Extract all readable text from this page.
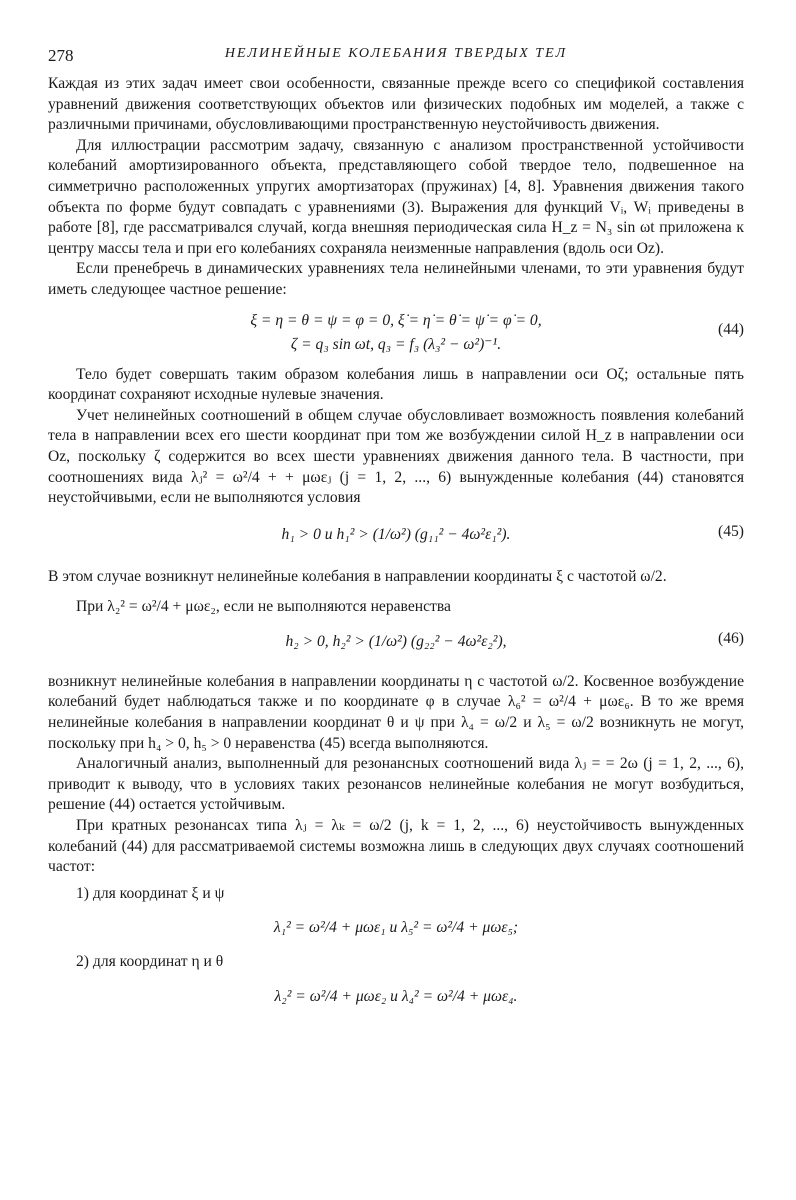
278	НЕЛИНЕЙНЫЕ КОЛЕБАНИЯ ТВЕРДЫХ ТЕЛ

Каждая из этих задач имеет свои особенности, связанные прежде всего со спецификой составления уравнений движения соответствующих объектов или физических подобных им моделей, а также с различными причинами, обусловливающими пространственную неустойчивость движения.

Для иллюстрации рассмотрим задачу, связанную с анализом пространственной устойчивости колебаний амортизированного объекта, представляющего собой твердое тело, подвешенное на симметрично расположенных упругих амортизаторах (пружинах) [4, 8]. Уравнения движения такого объекта по форме будут совпадать с уравнениями (3). Выражения для функций Vᵢ, Wᵢ приведены в работе [8], где рассматривался случай, когда внешняя периодическая сила H_z = N₃ sin ωt приложена к центру массы тела и при его колебаниях сохраняла неизменные направления (вдоль оси Oz).

Если пренебречь в динамических уравнениях тела нелинейными членами, то эти уравнения будут иметь следующее частное решение:

ξ = η = θ = ψ = φ = 0, ξ̇ = η̇ = θ̇ = ψ̇ = φ̇ = 0,
ζ = q₃ sin ωt, q₃ = f₃ (λ₃² − ω²)⁻¹.
(44)

Тело будет совершать таким образом колебания лишь в направлении оси Oζ; остальные пять координат сохраняют исходные нулевые значения.

Учет нелинейных соотношений в общем случае обусловливает возможность появления колебаний тела в направлении всех его шести координат при том же возбуждении силой H_z в направлении оси Oz, поскольку ζ содержится во всех шести уравнениях движения данного тела. В частности, при соотношениях вида λⱼ² = ω²/4 + + μωεⱼ (j = 1, 2, ..., 6) вынужденные колебания (44) становятся неустойчивыми, если не выполняются условия

h₁ > 0 и h₁² > (1/ω²) (g₁₁² − 4ω²ε₁²).	(45)

В этом случае возникнут нелинейные колебания в направлении координаты ξ с частотой ω/2.

При λ₂² = ω²/4 + μωε₂, если не выполняются неравенства

h₂ > 0, h₂² > (1/ω²) (g₂₂² − 4ω²ε₂²),	(46)

возникнут нелинейные колебания в направлении координаты η с частотой ω/2. Косвенное возбуждение колебаний будет наблюдаться также и по координате φ в случае λ₆² = ω²/4 + μωε₆. В то же время нелинейные колебания в направлении координат θ и ψ при λ₄ = ω/2 и λ₅ = ω/2 возникнуть не могут, поскольку при h₄ > 0, h₅ > 0 неравенства (45) всегда выполняются.

Аналогичный анализ, выполненный для резонансных соотношений вида λⱼ = = 2ω (j = 1, 2, ..., 6), приводит к выводу, что в условиях таких резонансов нелинейные колебания не могут возбудиться, решение (44) остается устойчивым.

При кратных резонансах типа λⱼ = λₖ = ω/2 (j, k = 1, 2, ..., 6) неустойчивость вынужденных колебаний (44) для рассматриваемой системы возможна лишь в следующих двух случаях соотношений частот:

1) для координат ξ и ψ
λ₁² = ω²/4 + μωε₁ и λ₅² = ω²/4 + μωε₅;
2) для координат η и θ
λ₂² = ω²/4 + μωε₂ и λ₄² = ω²/4 + μωε₄.
